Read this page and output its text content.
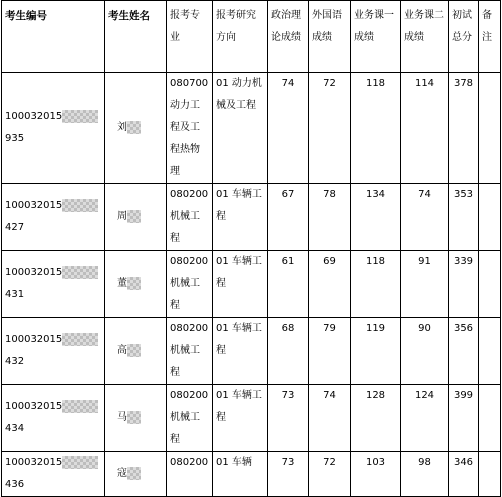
考生编号	考生姓名	报考专业	报考研究方向	政治理论成绩	外国语成绩	业务课一成绩	业务课二成绩	初试总分	备注
100032015935	刘	080700 动力工程及工程热物理	01 动力机械及工程	74	72	118	114	378	
100032015427	周	080200 机械工程	01 车辆工程	67	78	134	74	353	
100032015431	董	080200 机械工程	01 车辆工程	61	69	118	91	339	
100032015432	高	080200 机械工程	01 车辆工程	68	79	119	90	356	
100032015434	马	080200 机械工程	01 车辆工程	73	74	128	124	399	
100032015436	寇	080200	01 车辆	73	72	103	98	346	
